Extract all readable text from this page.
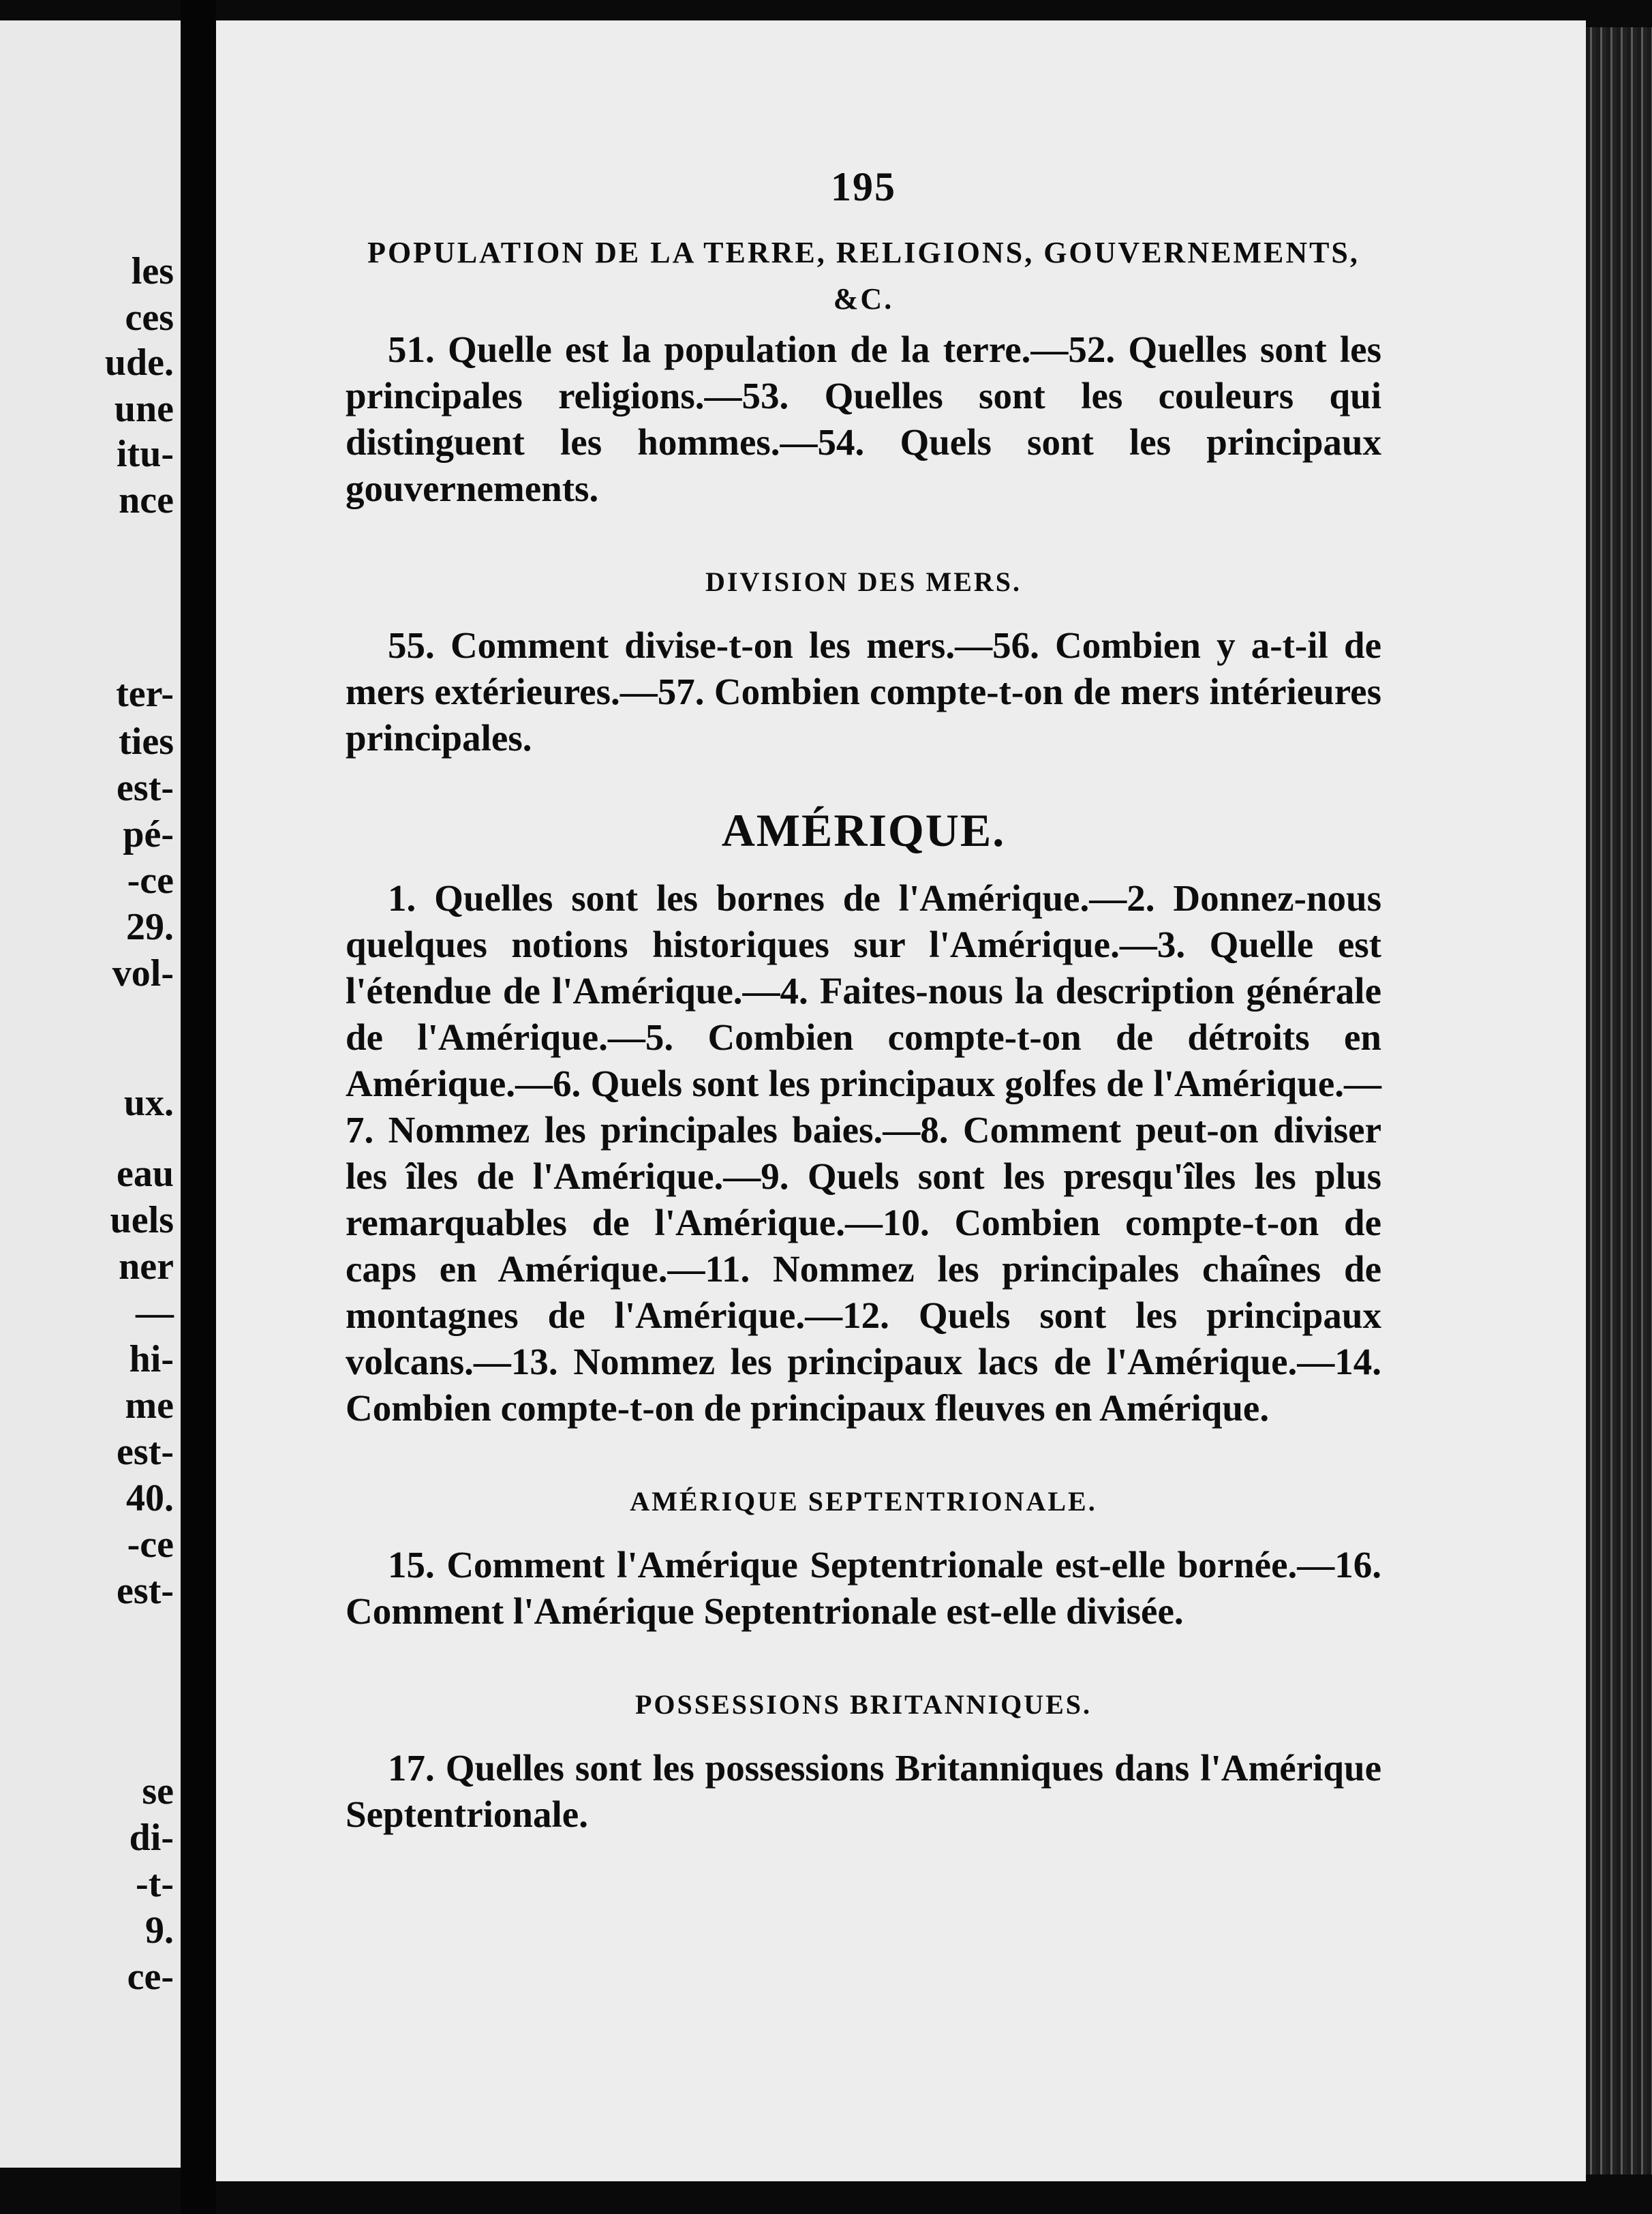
les
ces
ude.
une
itu-
nce
ter-
ties
est-
pé-
-ce
29.
vol-
ux.
eau
uels
ner
—
hi-
me
est-
40.
-ce
est-
se
di-
-t-
9.
ce-
195
POPULATION DE LA TERRE, RELIGIONS, GOUVERNEMENTS, &C.

51. Quelle est la population de la terre.—52. Quelles sont les principales religions.—53. Quelles sont les couleurs qui distinguent les hommes.—54. Quels sont les principaux gouvernements.

DIVISION DES MERS.

55. Comment divise-t-on les mers.—56. Combien y a-t-il de mers extérieures.—57. Combien compte-t-on de mers intérieures principales.

AMÉRIQUE.

1. Quelles sont les bornes de l'Amérique.—2. Donnez-nous quelques notions historiques sur l'Amérique.—3. Quelle est l'étendue de l'Amérique.—4. Faites-nous la description générale de l'Amérique.—5. Combien compte-t-on de détroits en Amérique.—6. Quels sont les principaux golfes de l'Amérique.—7. Nommez les principales baies.—8. Comment peut-on diviser les îles de l'Amérique.—9. Quels sont les presqu'îles les plus remarquables de l'Amérique.—10. Combien compte-t-on de caps en Amérique.—11. Nommez les principales chaînes de montagnes de l'Amérique.—12. Quels sont les principaux volcans.—13. Nommez les principaux lacs de l'Amérique.—14. Combien compte-t-on de principaux fleuves en Amérique.

AMÉRIQUE SEPTENTRIONALE.

15. Comment l'Amérique Septentrionale est-elle bornée.—16. Comment l'Amérique Septentrionale est-elle divisée.

POSSESSIONS BRITANNIQUES.

17. Quelles sont les possessions Britanniques dans l'Amérique Septentrionale.
